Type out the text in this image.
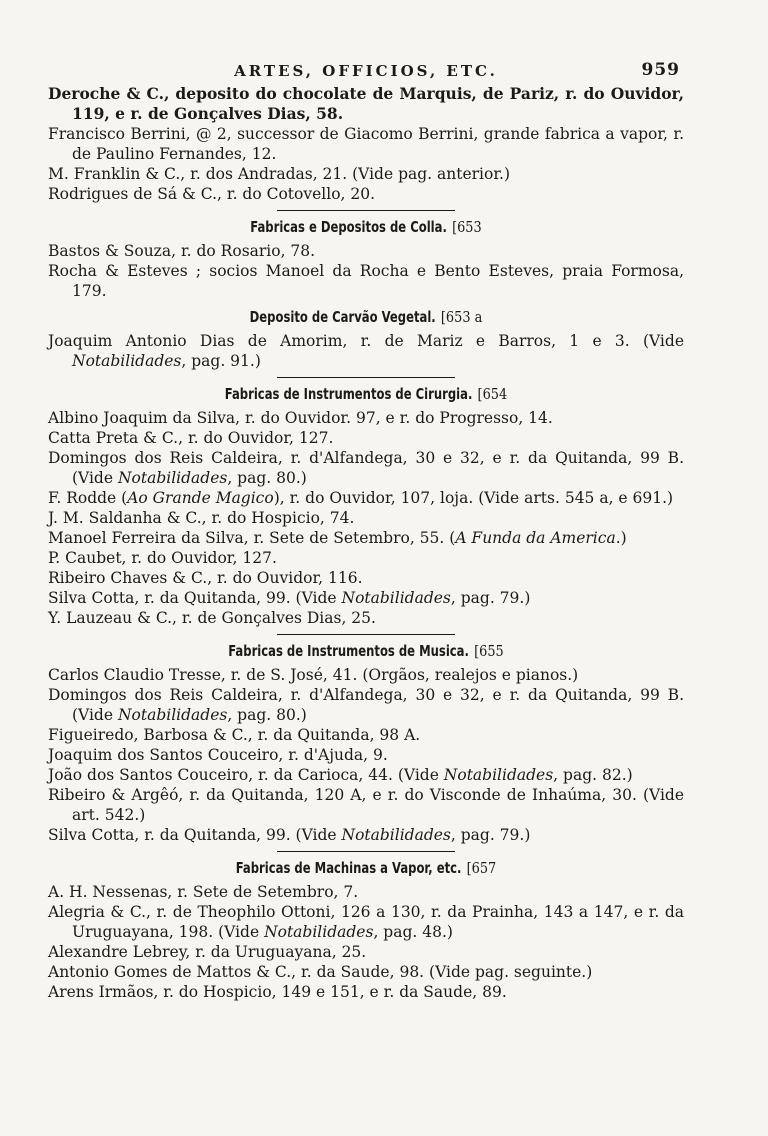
ARTES, OFFICIOS, ETC.	959

Deroche & C., deposito do chocolate de Marquis, de Pariz, r. do Ouvidor, 119, e r. de Gonçalves Dias, 58.

Francisco Berrini, @ 2, successor de Giacomo Berrini, grande fabrica a vapor, r. de Paulino Fernandes, 12.

M. Franklin & C., r. dos Andradas, 21. (Vide pag. anterior.)

Rodrigues de Sá & C., r. do Cotovello, 20.

Fabricas e Depositos de Colla. [653

Bastos & Souza, r. do Rosario, 78.

Rocha & Esteves ; socios Manoel da Rocha e Bento Esteves, praia Formosa, 179.

Deposito de Carvão Vegetal. [653 a

Joaquim Antonio Dias de Amorim, r. de Mariz e Barros, 1 e 3. (Vide Notabilidades, pag. 91.)

Fabricas de Instrumentos de Cirurgia. [654

Albino Joaquim da Silva, r. do Ouvidor. 97, e r. do Progresso, 14.

Catta Preta & C., r. do Ouvidor, 127.

Domingos dos Reis Caldeira, r. d'Alfandega, 30 e 32, e r. da Quitanda, 99 B. (Vide Notabilidades, pag. 80.)

F. Rodde (Ao Grande Magico), r. do Ouvidor, 107, loja. (Vide arts. 545 a, e 691.)

J. M. Saldanha & C., r. do Hospicio, 74.

Manoel Ferreira da Silva, r. Sete de Setembro, 55. (A Funda da America.)

P. Caubet, r. do Ouvidor, 127.

Ribeiro Chaves & C., r. do Ouvidor, 116.

Silva Cotta, r. da Quitanda, 99. (Vide Notabilidades, pag. 79.)

Y. Lauzeau & C., r. de Gonçalves Dias, 25.

Fabricas de Instrumentos de Musica. [655

Carlos Claudio Tresse, r. de S. José, 41. (Orgãos, realejos e pianos.)

Domingos dos Reis Caldeira, r. d'Alfandega, 30 e 32, e r. da Quitanda, 99 B. (Vide Notabilidades, pag. 80.)

Figueiredo, Barbosa & C., r. da Quitanda, 98 A.

Joaquim dos Santos Couceiro, r. d'Ajuda, 9.

João dos Santos Couceiro, r. da Carioca, 44. (Vide Notabilidades, pag. 82.)

Ribeiro & Argêó, r. da Quitanda, 120 A, e r. do Visconde de Inhaúma, 30. (Vide art. 542.)

Silva Cotta, r. da Quitanda, 99. (Vide Notabilidades, pag. 79.)

Fabricas de Machinas a Vapor, etc. [657

A. H. Nessenas, r. Sete de Setembro, 7.

Alegria & C., r. de Theophilo Ottoni, 126 a 130, r. da Prainha, 143 a 147, e r. da Uruguayana, 198. (Vide Notabilidades, pag. 48.)

Alexandre Lebrey, r. da Uruguayana, 25.

Antonio Gomes de Mattos & C., r. da Saude, 98. (Vide pag. seguinte.)

Arens Irmãos, r. do Hospicio, 149 e 151, e r. da Saude, 89.
